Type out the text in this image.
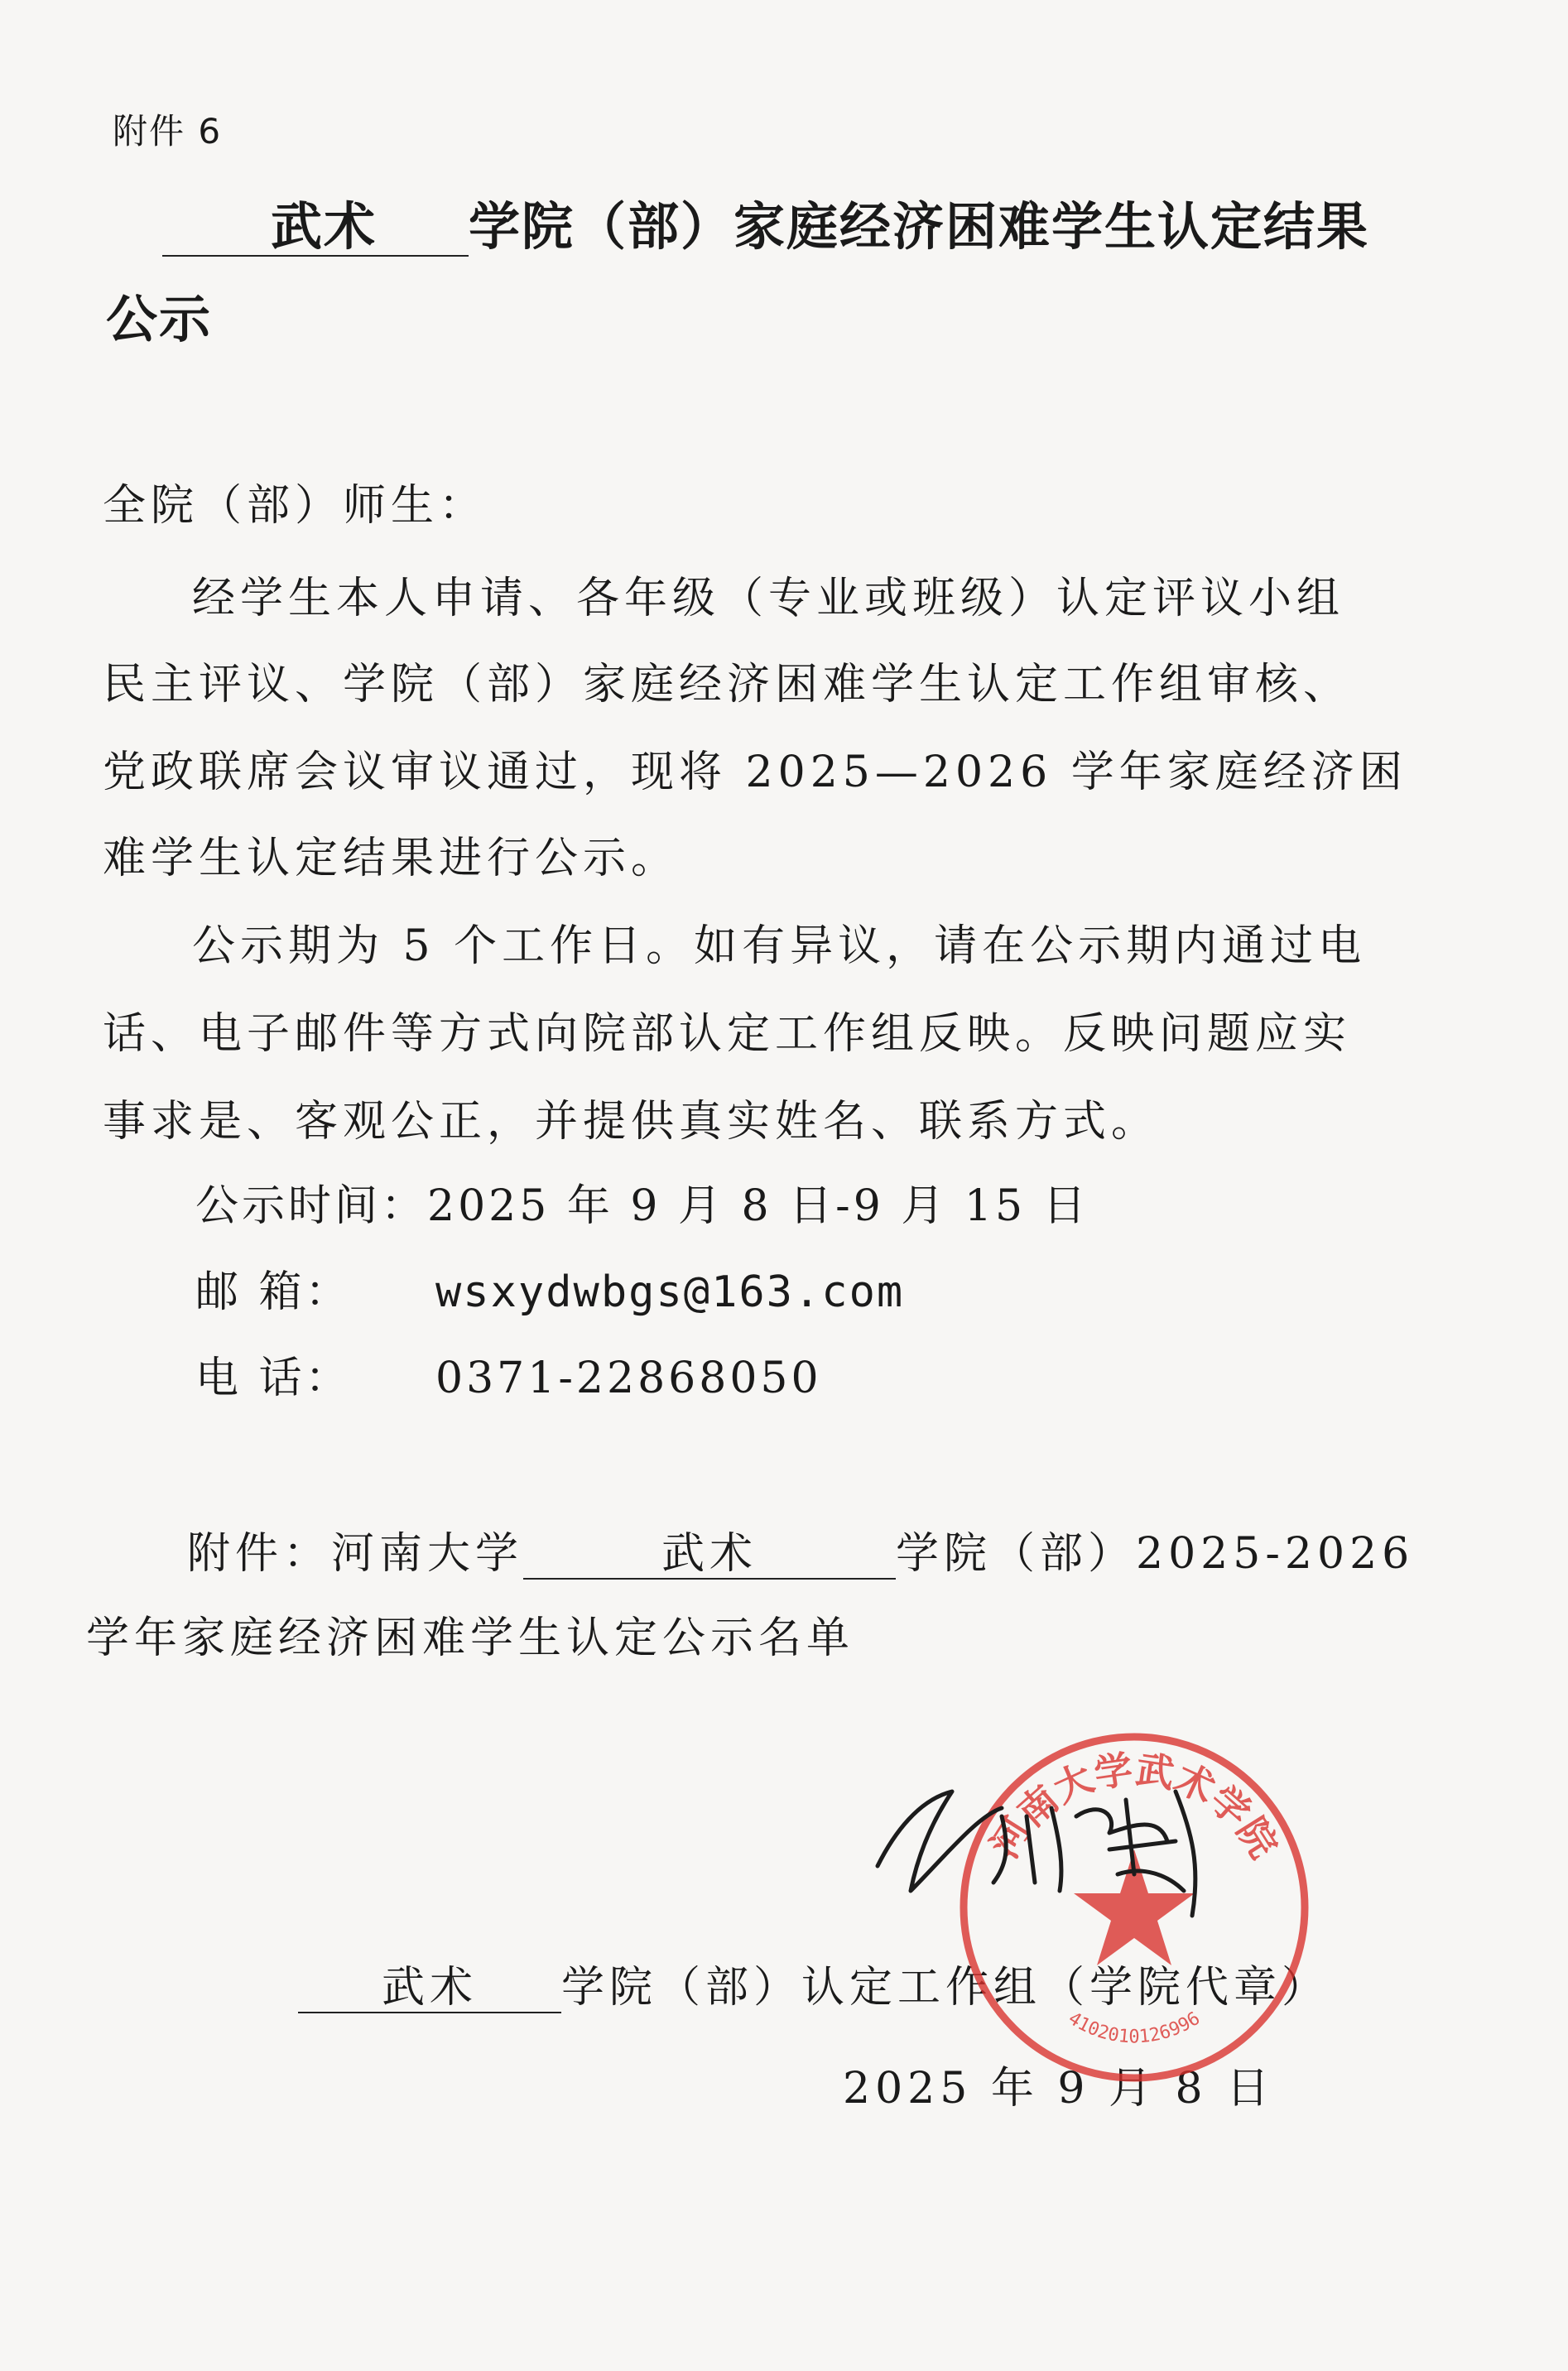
附件 6
武术 学院（部）家庭经济困难学生认定结果
公示
全院（部）师生：
经学生本人申请、各年级（专业或班级）认定评议小组
民主评议、学院（部）家庭经济困难学生认定工作组审核、
党政联席会议审议通过，现将 2025—2026 学年家庭经济困
难学生认定结果进行公示。
公示期为 5 个工作日。如有异议，请在公示期内通过电
话、电子邮件等方式向院部认定工作组反映。反映问题应实
事求是、客观公正，并提供真实姓名、联系方式。
公示时间：2025 年 9 月 8 日-9 月 15 日
邮 箱： wsxydwbgs@163.com
电 话： 0371-22868050
附件：河南大学	武术	学院（部）2025-2026
学年家庭经济困难学生认定公示名单
武术 学院（部）认定工作组（学院代章）
2025 年 9 月 8 日
河南大学武术学院
4102010126996
